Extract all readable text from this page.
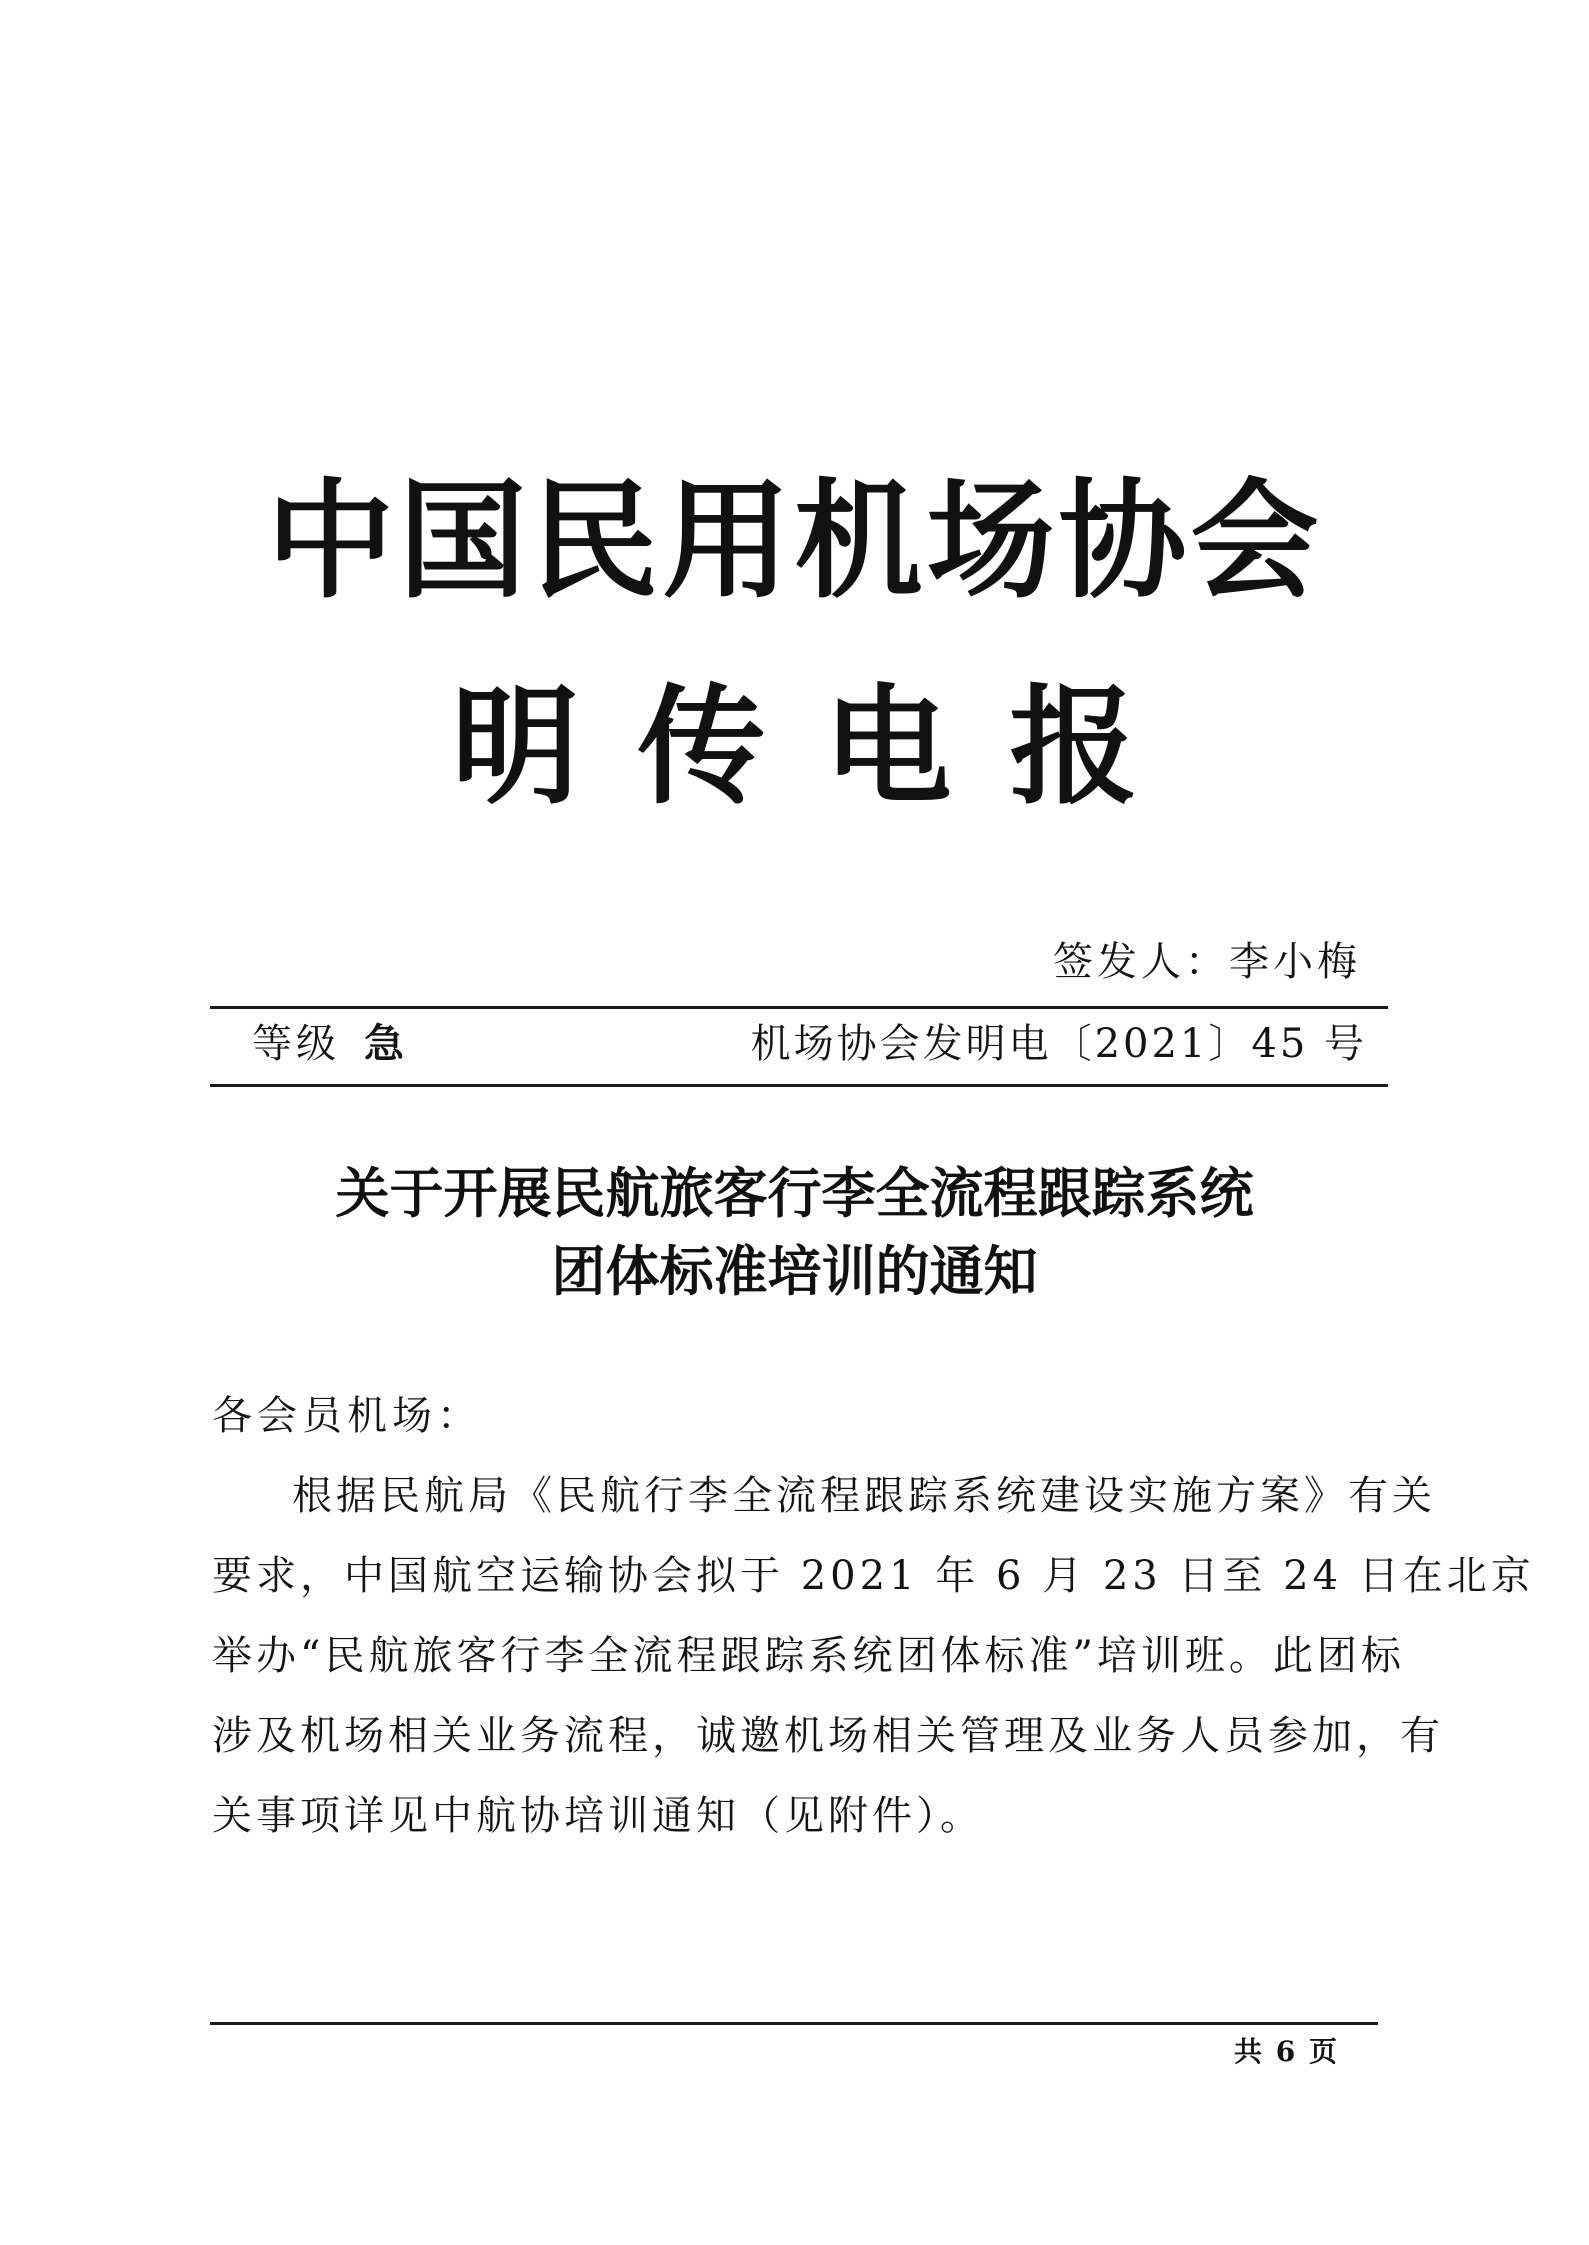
中国民用机场协会
明传电报
签发人：李小梅
等级 急	机场协会发明电〔2021〕45 号
关于开展民航旅客行李全流程跟踪系统
团体标准培训的通知
各会员机场：
根据民航局《民航行李全流程跟踪系统建设实施方案》有关
要求，中国航空运输协会拟于 2021 年 6 月 23 日至 24 日在北京
举办“民航旅客行李全流程跟踪系统团体标准”培训班。此团标
涉及机场相关业务流程，诚邀机场相关管理及业务人员参加，有
关事项详见中航协培训通知（见附件）。
共 6 页
